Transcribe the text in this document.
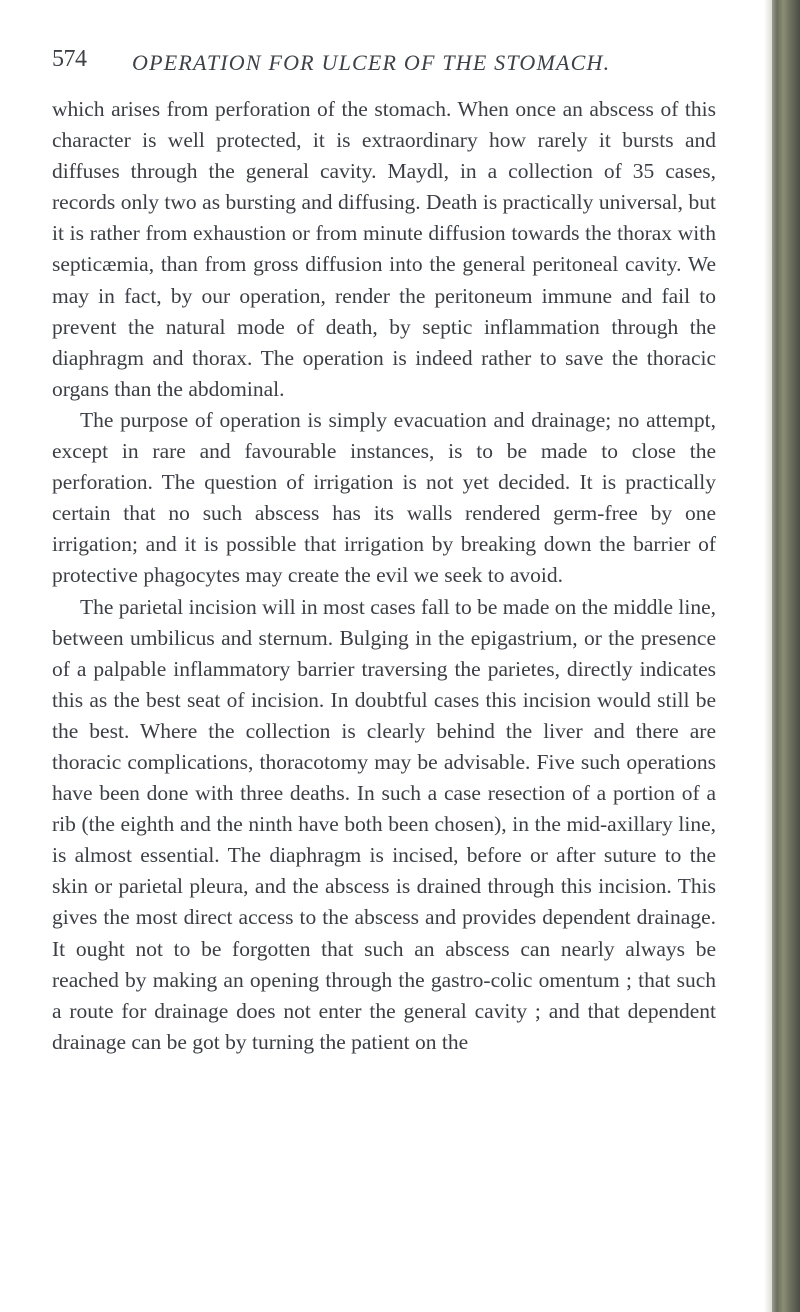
574 OPERATION FOR ULCER OF THE STOMACH.

which arises from perforation of the stomach. When once an abscess of this character is well protected, it is extraordinary how rarely it bursts and diffuses through the general cavity. Maydl, in a collection of 35 cases, records only two as bursting and diffusing. Death is practically universal, but it is rather from exhaustion or from minute diffusion towards the thorax with septicæmia, than from gross diffusion into the general peritoneal cavity. We may in fact, by our operation, render the peritoneum immune and fail to prevent the natural mode of death, by septic inflammation through the diaphragm and thorax. The operation is indeed rather to save the thoracic organs than the abdominal.

The purpose of operation is simply evacuation and drainage; no attempt, except in rare and favourable instances, is to be made to close the perforation. The question of irrigation is not yet decided. It is practically certain that no such abscess has its walls rendered germ-free by one irrigation; and it is possible that irrigation by breaking down the barrier of protective phagocytes may create the evil we seek to avoid.

The parietal incision will in most cases fall to be made on the middle line, between umbilicus and sternum. Bulging in the epigastrium, or the presence of a palpable inflammatory barrier traversing the parietes, directly indicates this as the best seat of incision. In doubtful cases this incision would still be the best. Where the collection is clearly behind the liver and there are thoracic complications, thoracotomy may be advisable. Five such operations have been done with three deaths. In such a case resection of a portion of a rib (the eighth and the ninth have both been chosen), in the mid-axillary line, is almost essential. The diaphragm is incised, before or after suture to the skin or parietal pleura, and the abscess is drained through this incision. This gives the most direct access to the abscess and provides dependent drainage. It ought not to be forgotten that such an abscess can nearly always be reached by making an opening through the gastro-colic omentum ; that such a route for drainage does not enter the general cavity ; and that dependent drainage can be got by turning the patient on the
